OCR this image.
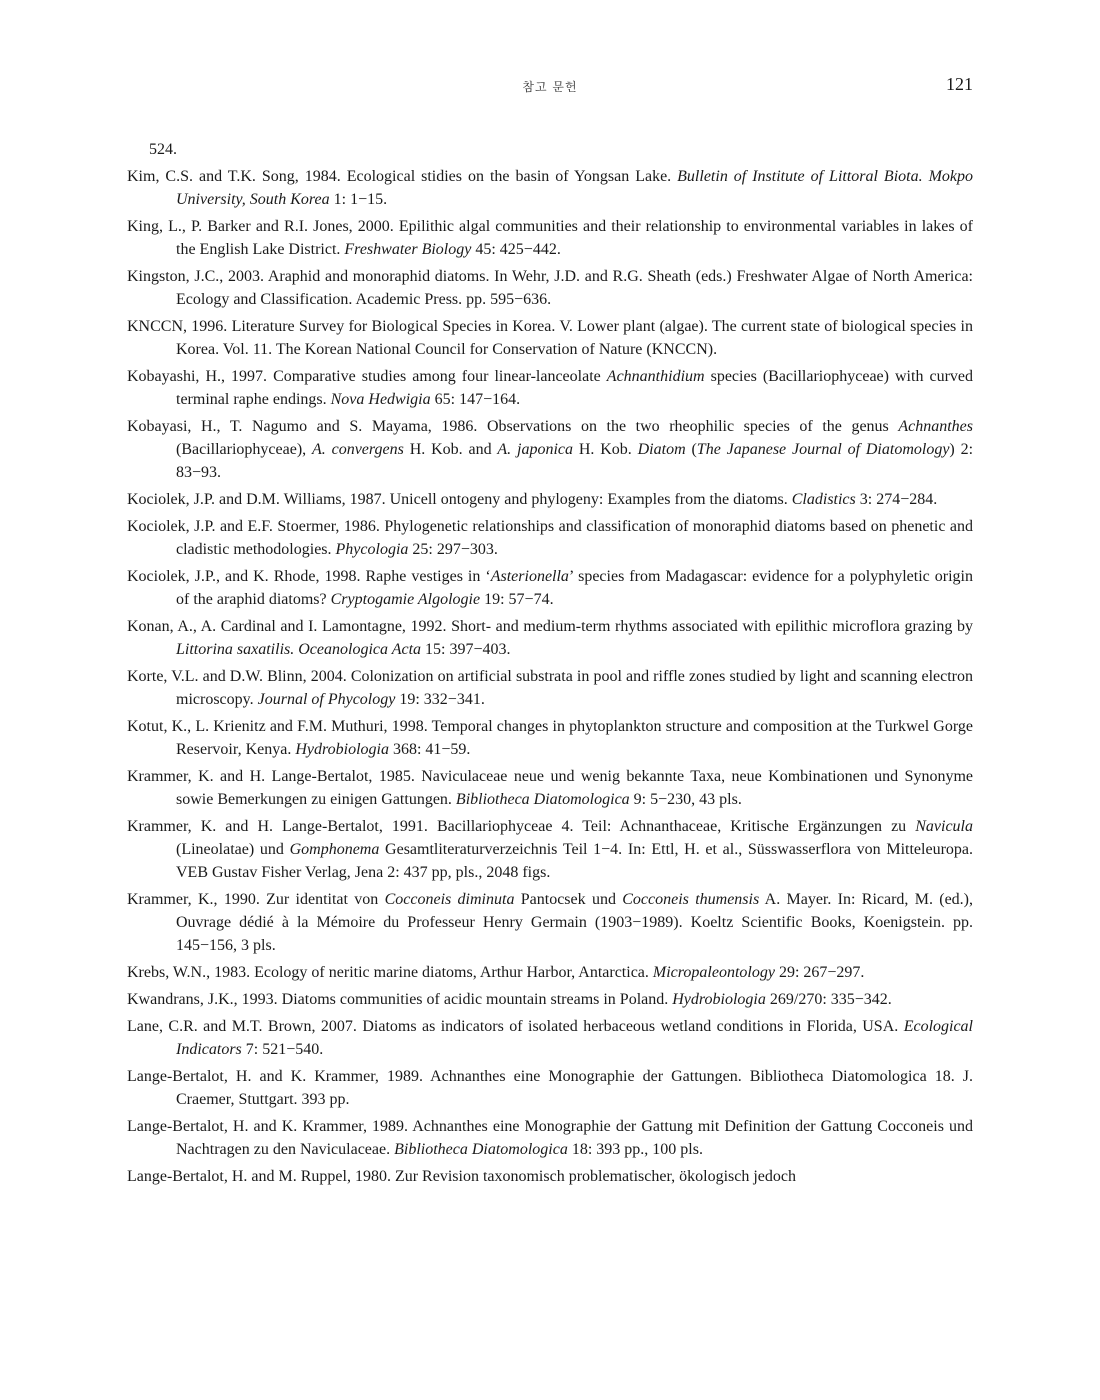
참고 문헌	121

524.

Kim, C.S. and T.K. Song, 1984. Ecological stidies on the basin of Yongsan Lake. Bulletin of Institute of Littoral Biota. Mokpo University, South Korea 1: 1−15.

King, L., P. Barker and R.I. Jones, 2000. Epilithic algal communities and their relationship to environmental variables in lakes of the English Lake District. Freshwater Biology 45: 425−442.

Kingston, J.C., 2003. Araphid and monoraphid diatoms. In Wehr, J.D. and R.G. Sheath (eds.) Freshwater Algae of North America: Ecology and Classification. Academic Press. pp. 595−636.

KNCCN, 1996. Literature Survey for Biological Species in Korea. V. Lower plant (algae). The current state of biological species in Korea. Vol. 11. The Korean National Council for Conservation of Nature (KNCCN).

Kobayashi, H., 1997. Comparative studies among four linear-lanceolate Achnanthidium species (Bacillariophyceae) with curved terminal raphe endings. Nova Hedwigia 65: 147−164.

Kobayasi, H., T. Nagumo and S. Mayama, 1986. Observations on the two rheophilic species of the genus Achnanthes (Bacillariophyceae), A. convergens H. Kob. and A. japonica H. Kob. Diatom (The Japanese Journal of Diatomology) 2: 83−93.

Kociolek, J.P. and D.M. Williams, 1987. Unicell ontogeny and phylogeny: Examples from the diatoms. Cladistics 3: 274−284.

Kociolek, J.P. and E.F. Stoermer, 1986. Phylogenetic relationships and classification of monoraphid diatoms based on phenetic and cladistic methodologies. Phycologia 25: 297−303.

Kociolek, J.P., and K. Rhode, 1998. Raphe vestiges in ‘Asterionella’ species from Madagascar: evidence for a polyphyletic origin of the araphid diatoms? Cryptogamie Algologie 19: 57−74.

Konan, A., A. Cardinal and I. Lamontagne, 1992. Short- and medium-term rhythms associated with epilithic microflora grazing by Littorina saxatilis. Oceanologica Acta 15: 397−403.

Korte, V.L. and D.W. Blinn, 2004. Colonization on artificial substrata in pool and riffle zones studied by light and scanning electron microscopy. Journal of Phycology 19: 332−341.

Kotut, K., L. Krienitz and F.M. Muthuri, 1998. Temporal changes in phytoplankton structure and composition at the Turkwel Gorge Reservoir, Kenya. Hydrobiologia 368: 41−59.

Krammer, K. and H. Lange-Bertalot, 1985. Naviculaceae neue und wenig bekannte Taxa, neue Kombinationen und Synonyme sowie Bemerkungen zu einigen Gattungen. Bibliotheca Diatomologica 9: 5−230, 43 pls.

Krammer, K. and H. Lange-Bertalot, 1991. Bacillariophyceae 4. Teil: Achnanthaceae, Kritische Ergänzungen zu Navicula (Lineolatae) und Gomphonema Gesamtliteraturverzeichnis Teil 1−4. In: Ettl, H. et al., Süsswasserflora von Mitteleuropa. VEB Gustav Fisher Verlag, Jena 2: 437 pp, pls., 2048 figs.

Krammer, K., 1990. Zur identitat von Cocconeis diminuta Pantocsek und Cocconeis thumensis A. Mayer. In: Ricard, M. (ed.), Ouvrage dédié à la Mémoire du Professeur Henry Germain (1903−1989). Koeltz Scientific Books, Koenigstein. pp. 145−156, 3 pls.

Krebs, W.N., 1983. Ecology of neritic marine diatoms, Arthur Harbor, Antarctica. Micropaleontology 29: 267−297.

Kwandrans, J.K., 1993. Diatoms communities of acidic mountain streams in Poland. Hydrobiologia 269/270: 335−342.

Lane, C.R. and M.T. Brown, 2007. Diatoms as indicators of isolated herbaceous wetland conditions in Florida, USA. Ecological Indicators 7: 521−540.

Lange-Bertalot, H. and K. Krammer, 1989. Achnanthes eine Monographie der Gattungen. Bibliotheca Diatomologica 18. J. Craemer, Stuttgart. 393 pp.

Lange-Bertalot, H. and K. Krammer, 1989. Achnanthes eine Monographie der Gattung mit Definition der Gattung Cocconeis und Nachtragen zu den Naviculaceae. Bibliotheca Diatomologica 18: 393 pp., 100 pls.

Lange-Bertalot, H. and M. Ruppel, 1980. Zur Revision taxonomisch problematischer, ökologisch jedoch
